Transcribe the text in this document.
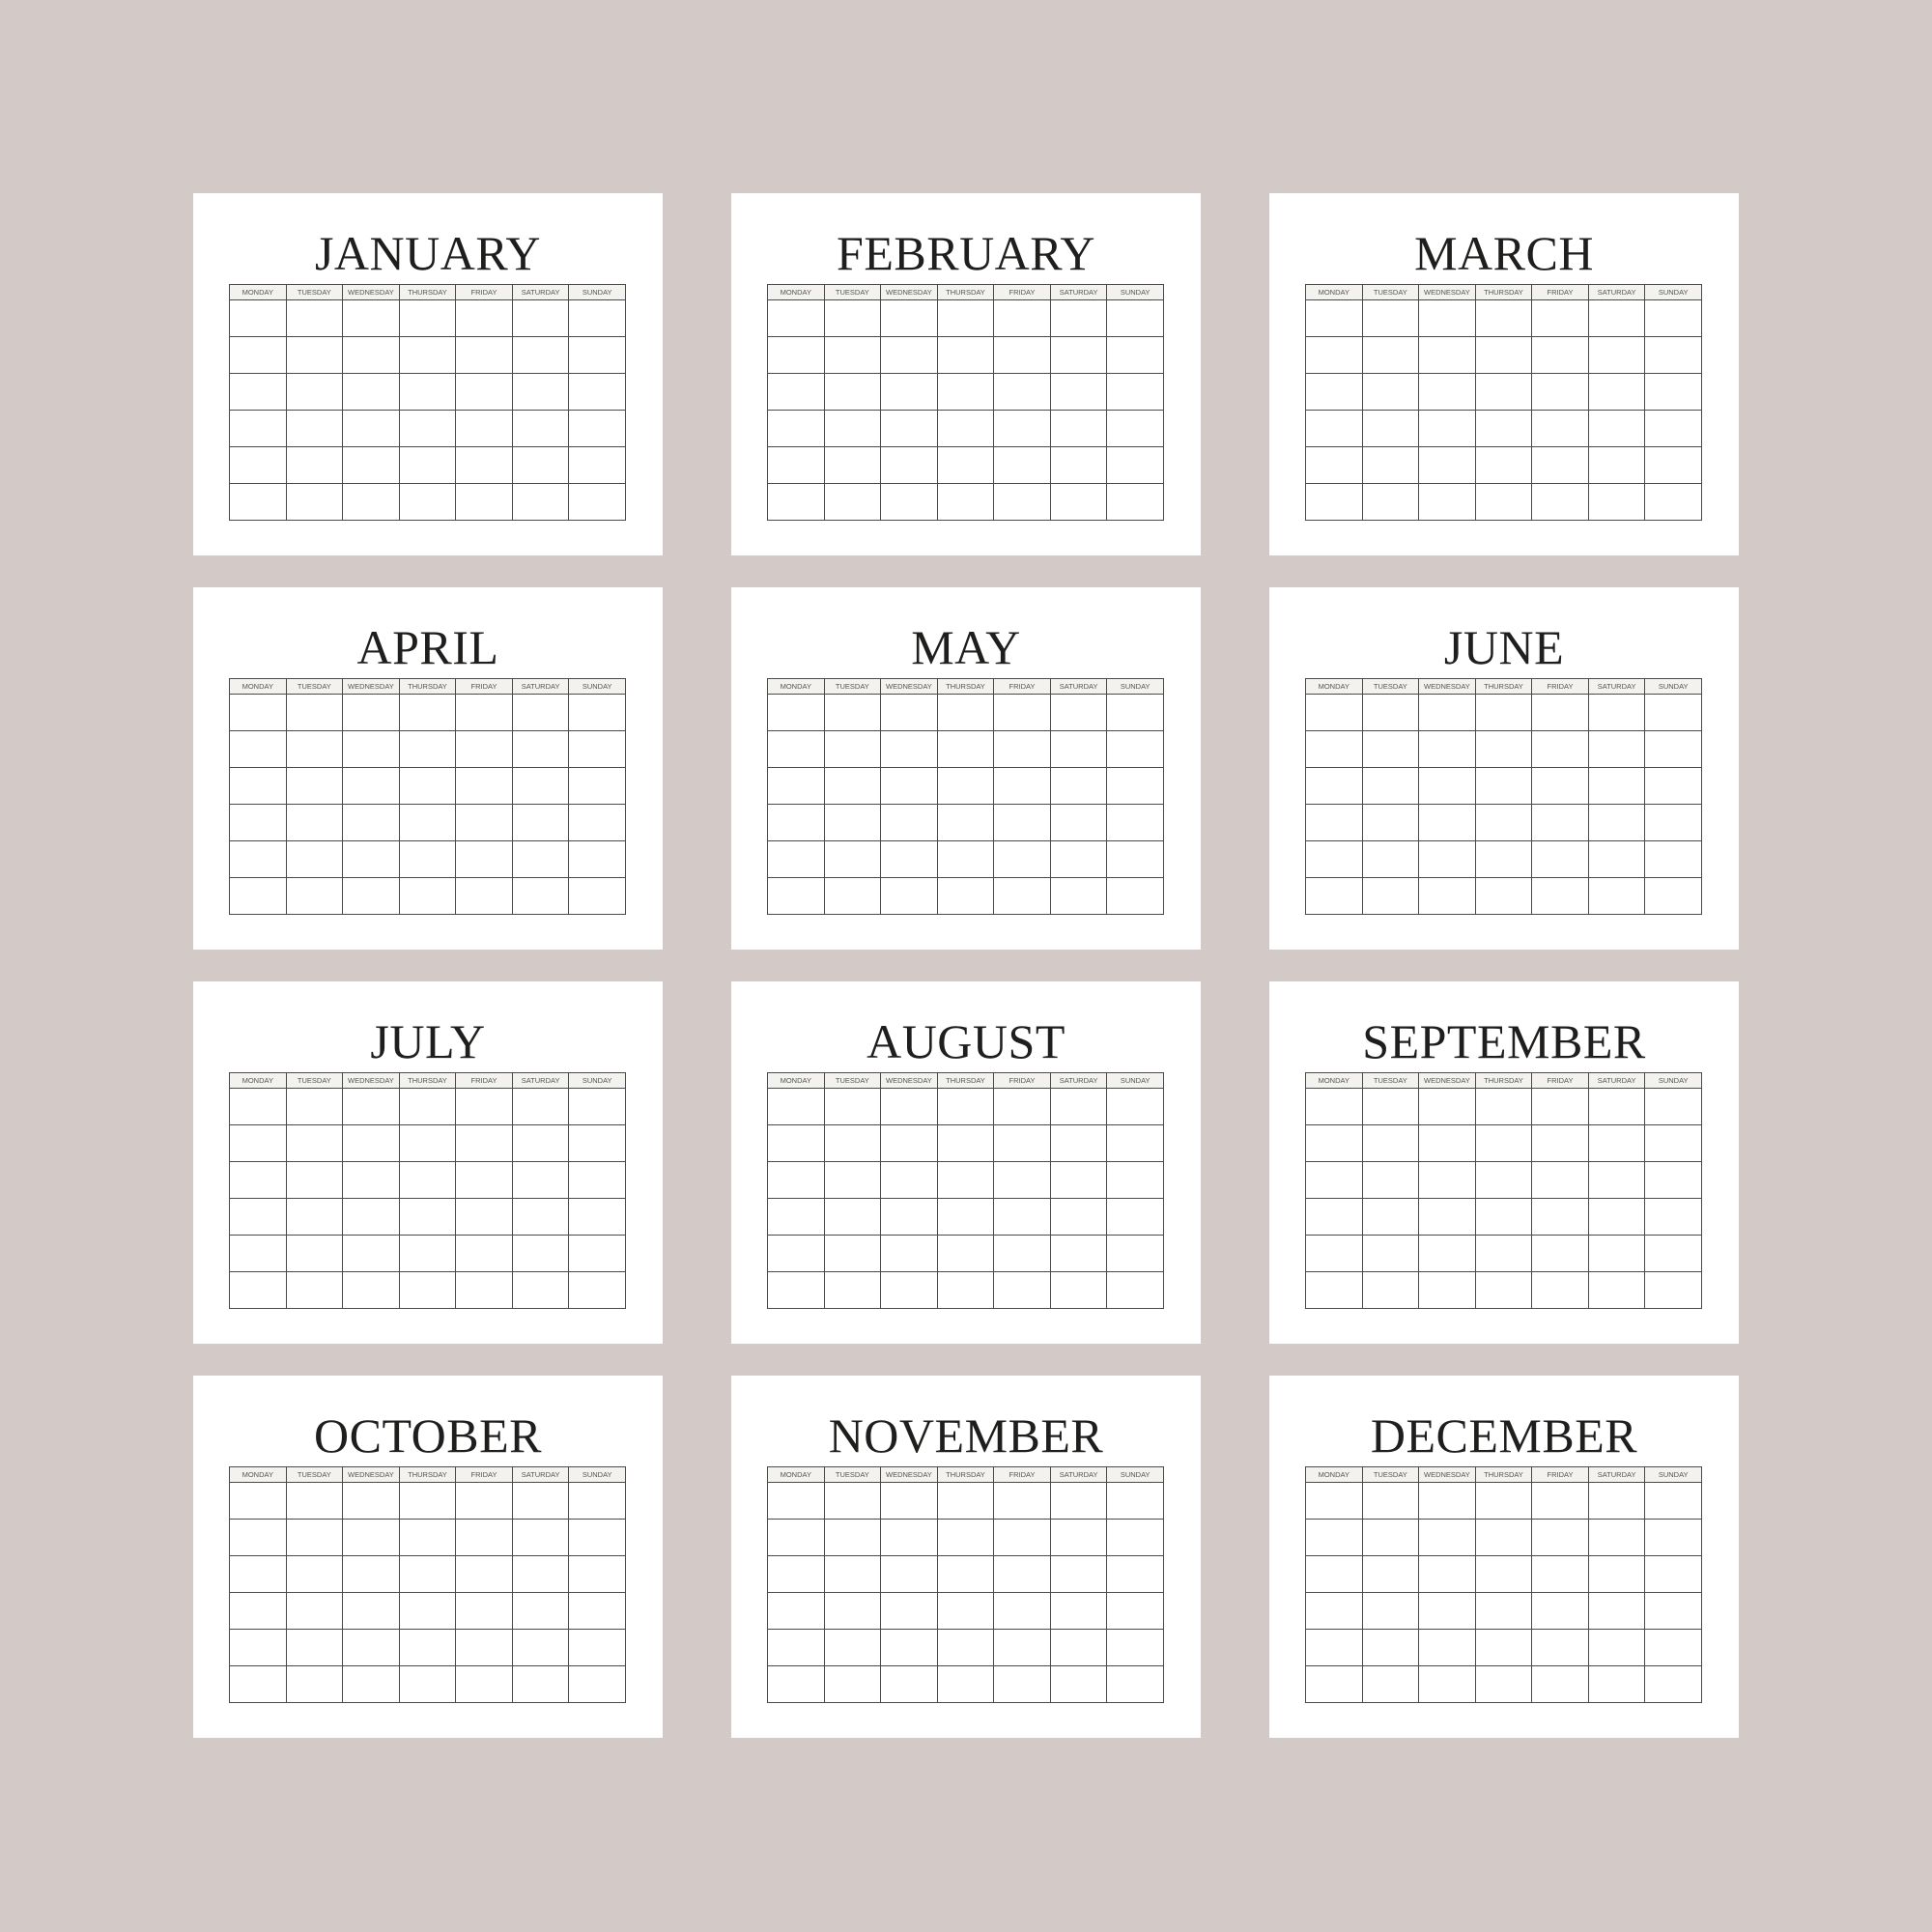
JANUARY
MONDAY	TUESDAY	WEDNESDAY	THURSDAY	FRIDAY	SATURDAY	SUNDAY

FEBRUARY
MONDAY	TUESDAY	WEDNESDAY	THURSDAY	FRIDAY	SATURDAY	SUNDAY

MARCH
MONDAY	TUESDAY	WEDNESDAY	THURSDAY	FRIDAY	SATURDAY	SUNDAY

APRIL
MONDAY	TUESDAY	WEDNESDAY	THURSDAY	FRIDAY	SATURDAY	SUNDAY

MAY
MONDAY	TUESDAY	WEDNESDAY	THURSDAY	FRIDAY	SATURDAY	SUNDAY

JUNE
MONDAY	TUESDAY	WEDNESDAY	THURSDAY	FRIDAY	SATURDAY	SUNDAY

JULY
MONDAY	TUESDAY	WEDNESDAY	THURSDAY	FRIDAY	SATURDAY	SUNDAY

AUGUST
MONDAY	TUESDAY	WEDNESDAY	THURSDAY	FRIDAY	SATURDAY	SUNDAY

SEPTEMBER
MONDAY	TUESDAY	WEDNESDAY	THURSDAY	FRIDAY	SATURDAY	SUNDAY

OCTOBER
MONDAY	TUESDAY	WEDNESDAY	THURSDAY	FRIDAY	SATURDAY	SUNDAY

NOVEMBER
MONDAY	TUESDAY	WEDNESDAY	THURSDAY	FRIDAY	SATURDAY	SUNDAY

DECEMBER
MONDAY	TUESDAY	WEDNESDAY	THURSDAY	FRIDAY	SATURDAY	SUNDAY
